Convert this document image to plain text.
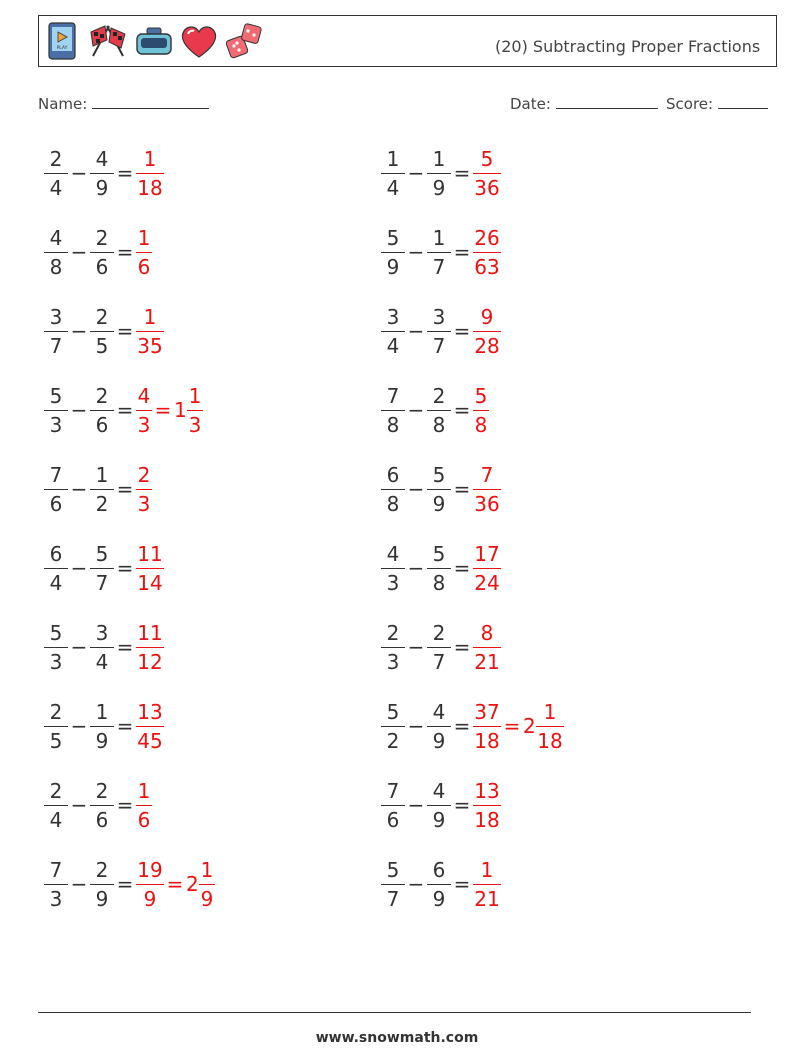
PLAY	(20) Subtracting Proper Fractions
Name:	Date:	Score:
2
4
−
4
9
=
1
18
1
4
−
1
9
=
5
36
4
8
−
2
6
=
1
6
5
9
−
1
7
=
26
63
3
7
−
2
5
=
1
35
3
4
−
3
7
=
9
28
5
3
−
2
6
=
4
3
= 1
1
3
7
8
−
2
8
=
5
8
7
6
−
1
2
=
2
3
6
8
−
5
9
=
7
36
6
4
−
5
7
=
11
14
4
3
−
5
8
=
17
24
5
3
−
3
4
=
11
12
2
3
−
2
7
=
8
21
2
5
−
1
9
=
13
45
5
2
−
4
9
=
37
18
= 2
1
18
2
4
−
2
6
=
1
6
7
6
−
4
9
=
13
18
7
3
−
2
9
=
19
9
= 2
1
9
5
7
−
6
9
=
1
21
www.snowmath.com
